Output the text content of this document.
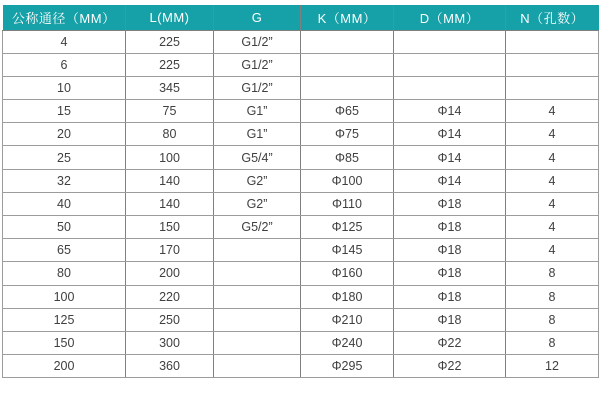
公称通径（MM）	L(MM)	G	K（MM）	D（MM）	N（孔数）
4	225	G1/2”			
6	225	G1/2”			
10	345	G1/2”			
15	75	G1”	Φ65	Φ14	4
20	80	G1”	Φ75	Φ14	4
25	100	G5/4”	Φ85	Φ14	4
32	140	G2”	Φ100	Φ14	4
40	140	G2”	Φ110	Φ18	4
50	150	G5/2”	Φ125	Φ18	4
65	170		Φ145	Φ18	4
80	200		Φ160	Φ18	8
100	220		Φ180	Φ18	8
125	250		Φ210	Φ18	8
150	300		Φ240	Φ22	8
200	360		Φ295	Φ22	12
